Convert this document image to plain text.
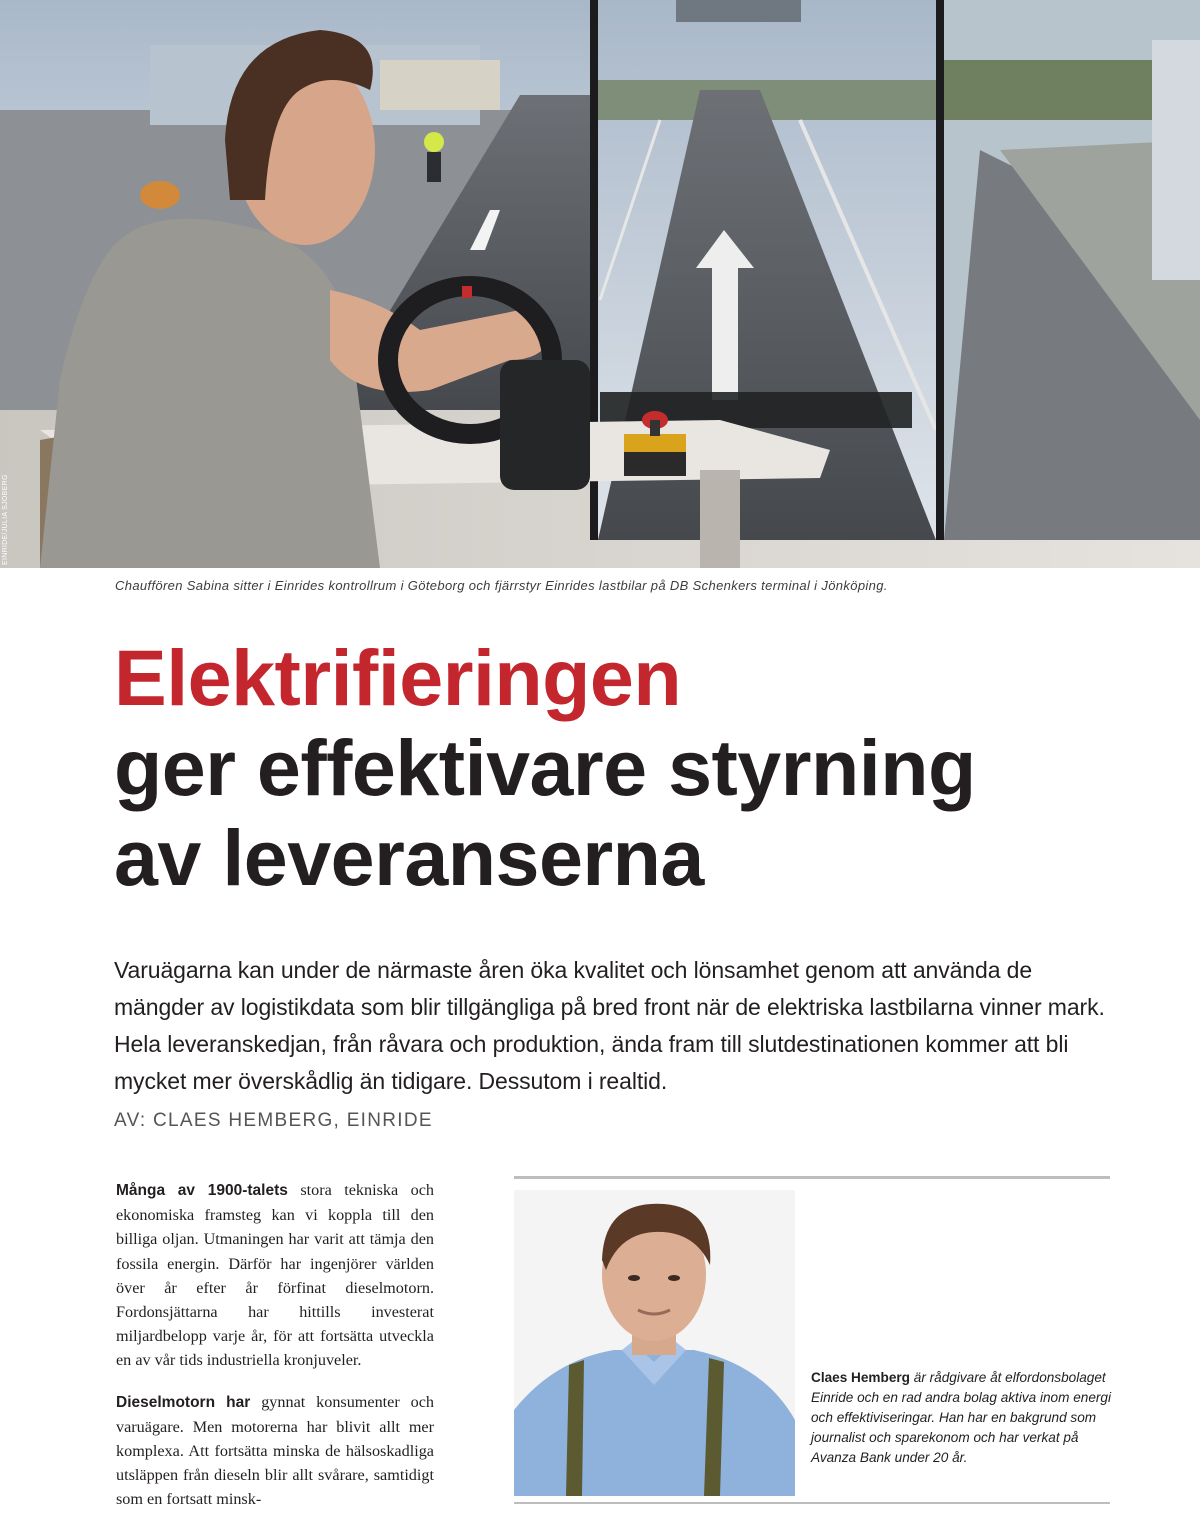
EINRIDE/JULIA SJÖBERG
Chauffören Sabina sitter i Einrides kontrollrum i Göteborg och fjärrstyr Einrides lastbilar på DB Schenkers terminal i Jönköping.
Elektrifieringen
ger effektivare styrning
av leveranserna

Varuägarna kan under de närmaste åren öka kvalitet och lönsamhet genom att använda de mängder av logistikdata som blir tillgängliga på bred front när de elektriska lastbilarna vinner mark. Hela leveranskedjan, från råvara och produktion, ända fram till slutdestinationen kommer att bli mycket mer överskådlig än tidigare. Dessutom i realtid.

AV: CLAES HEMBERG, EINRIDE

Många av 1900-talets stora tekniska och ekonomiska framsteg kan vi koppla till den billiga oljan. Utmaningen har varit att tämja den fossila energin. Därför har ingenjörer världen över år efter år förfinat dieselmotorn. Fordonsjättarna har hittills investerat miljardbelopp varje år, för att fortsätta utveckla en av vår tids industriella kronjuveler.

Dieselmotorn har gynnat konsumenter och varuägare. Men motorerna har blivit allt mer komplexa. Att fortsätta minska de hälsoskadliga utsläppen från dieseln blir allt svårare, samtidigt som en fortsatt minsk-

Claes Hemberg är rådgivare åt elfordonsbolaget Einride och en rad andra bolag aktiva inom energi och effektiviseringar. Han har en bakgrund som journalist och sparekonom och har verkat på Avanza Bank under 20 år.
